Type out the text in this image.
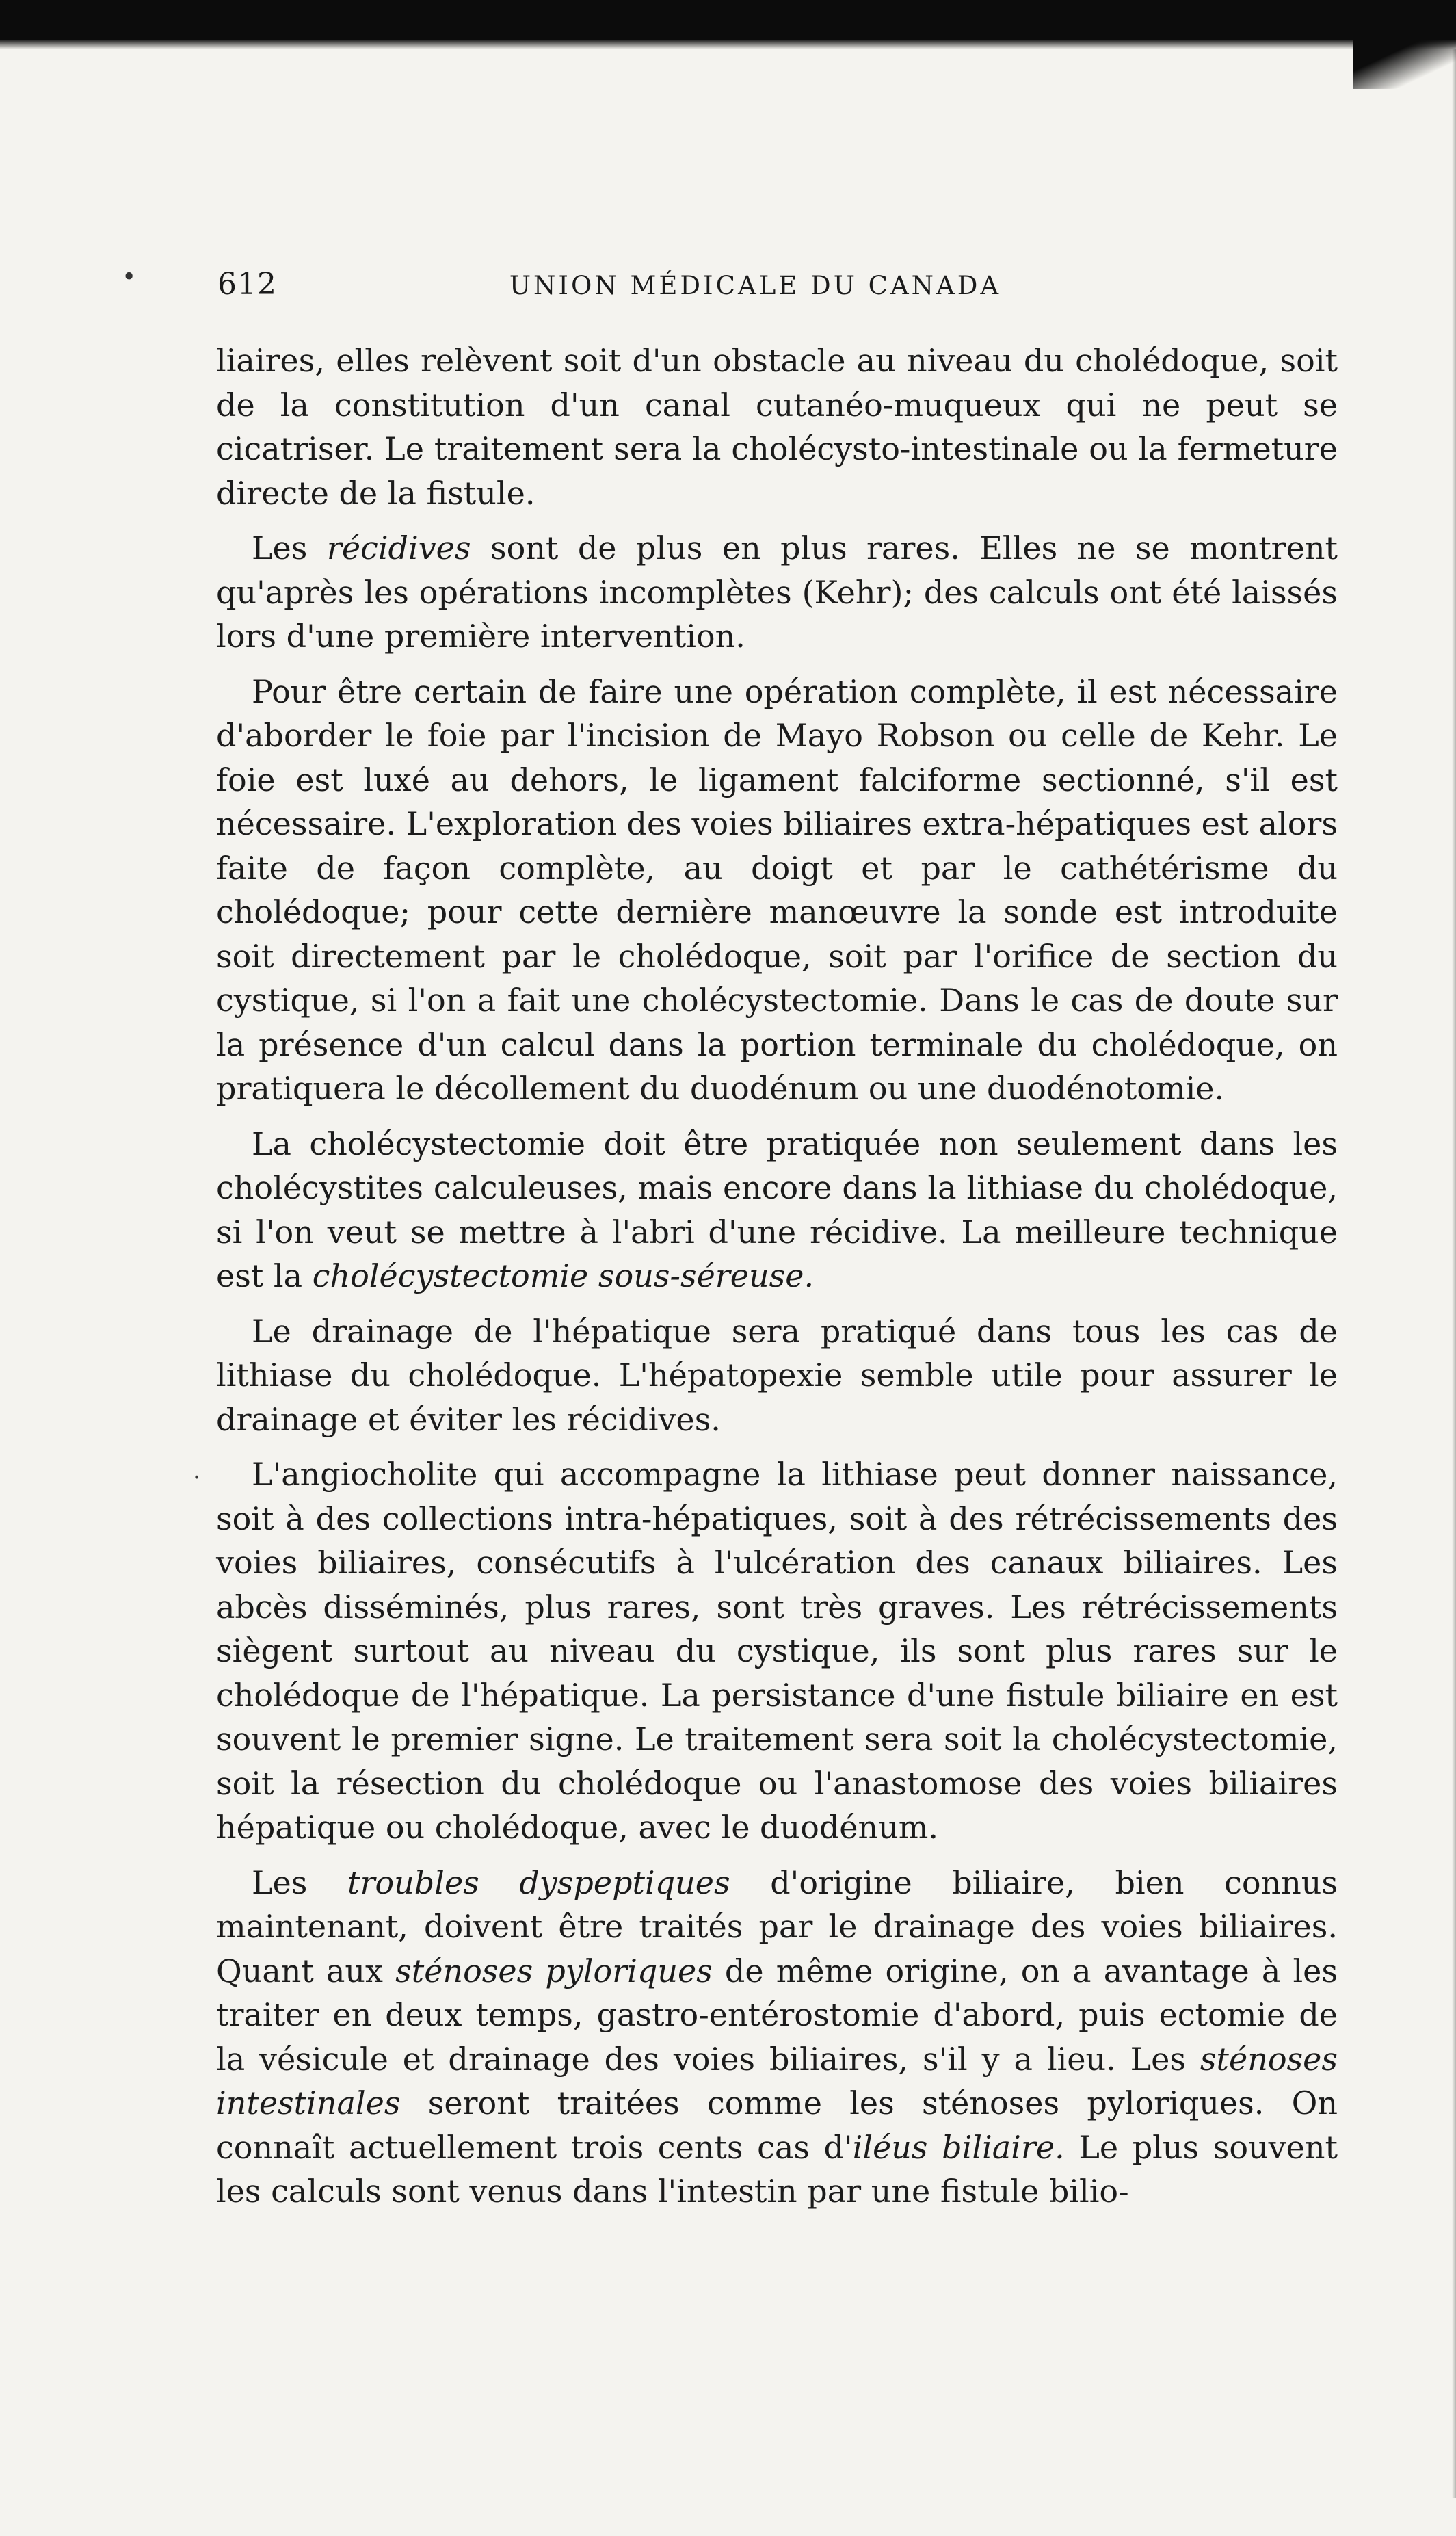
612	UNION MÉDICALE DU CANADA

liaires, elles relèvent soit d'un obstacle au niveau du cholédoque, soit de la constitution d'un canal cutanéo-muqueux qui ne peut se cicatriser. Le traitement sera la cholécysto-intestinale ou la fermeture directe de la fistule.

Les récidives sont de plus en plus rares. Elles ne se montrent qu'après les opérations incomplètes (Kehr); des calculs ont été laissés lors d'une première intervention.

Pour être certain de faire une opération complète, il est nécessaire d'aborder le foie par l'incision de Mayo Robson ou celle de Kehr. Le foie est luxé au dehors, le ligament falciforme sectionné, s'il est nécessaire. L'exploration des voies biliaires extra-hépatiques est alors faite de façon complète, au doigt et par le cathétérisme du cholédoque; pour cette dernière manœuvre la sonde est introduite soit directement par le cholédoque, soit par l'orifice de section du cystique, si l'on a fait une cholécystectomie. Dans le cas de doute sur la présence d'un calcul dans la portion terminale du cholédoque, on pratiquera le décollement du duodénum ou une duodénotomie.

La cholécystectomie doit être pratiquée non seulement dans les cholécystites calculeuses, mais encore dans la lithiase du cholédoque, si l'on veut se mettre à l'abri d'une récidive. La meilleure technique est la cholécystectomie sous-séreuse.

Le drainage de l'hépatique sera pratiqué dans tous les cas de lithiase du cholédoque. L'hépatopexie semble utile pour assurer le drainage et éviter les récidives.

L'angiocholite qui accompagne la lithiase peut donner naissance, soit à des collections intra-hépatiques, soit à des rétrécissements des voies biliaires, consécutifs à l'ulcération des canaux biliaires. Les abcès disséminés, plus rares, sont très graves. Les rétrécissements siègent surtout au niveau du cystique, ils sont plus rares sur le cholédoque de l'hépatique. La persistance d'une fistule biliaire en est souvent le premier signe. Le traitement sera soit la cholécystectomie, soit la résection du cholédoque ou l'anastomose des voies biliaires hépatique ou cholédoque, avec le duodénum.

Les troubles dyspeptiques d'origine biliaire, bien connus maintenant, doivent être traités par le drainage des voies biliaires. Quant aux sténoses pyloriques de même origine, on a avantage à les traiter en deux temps, gastro-entérostomie d'abord, puis ectomie de la vésicule et drainage des voies biliaires, s'il y a lieu. Les sténoses intestinales seront traitées comme les sténoses pyloriques. On connaît actuellement trois cents cas d'iléus biliaire. Le plus souvent les calculs sont venus dans l'intestin par une fistule bilio-

•
·
